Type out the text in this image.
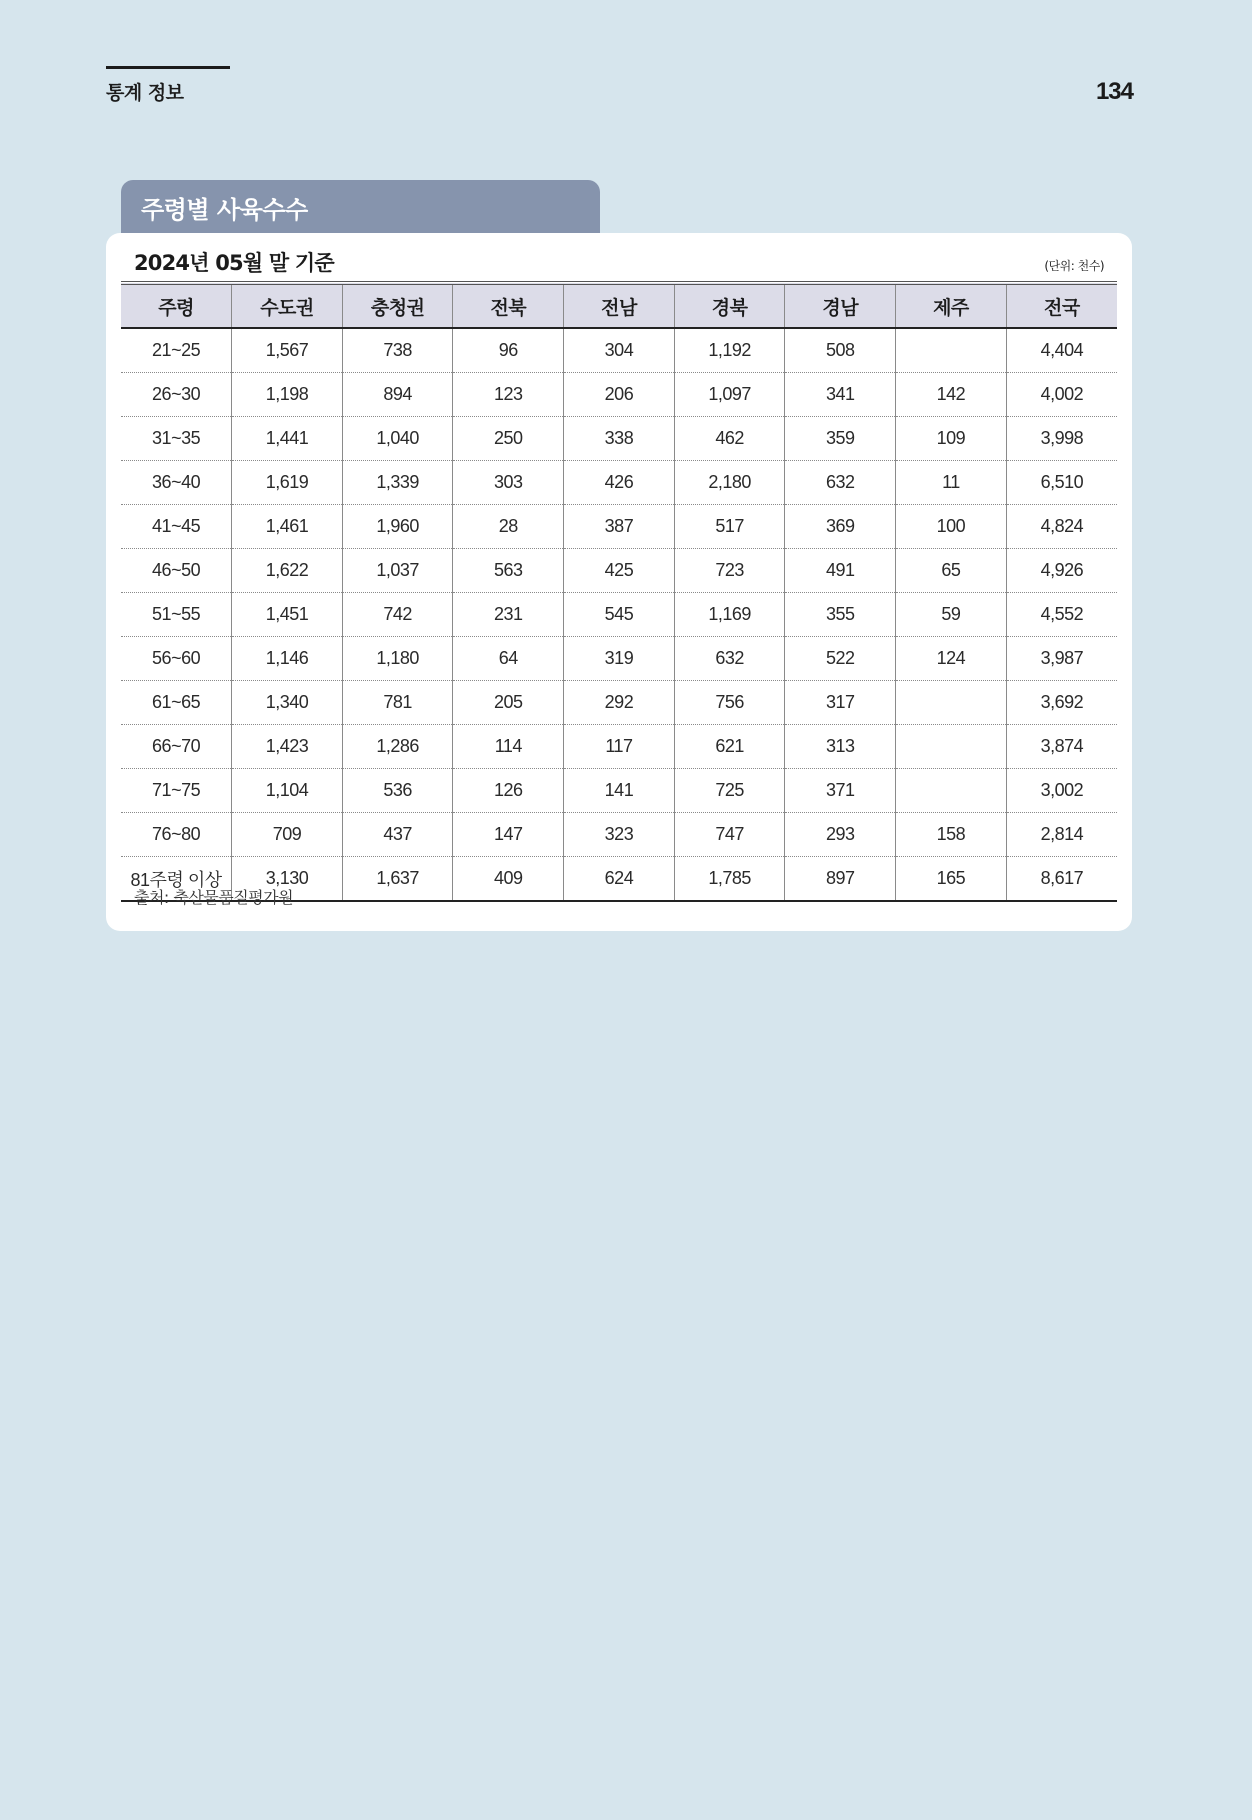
통계 정보	134
주령별 사육수수
2024년 05월 말 기준	(단위: 천수)
주령	수도권	충청권	전북	전남	경북	경남	제주	전국
21~25	1,567	738	96	304	1,192	508		4,404
26~30	1,198	894	123	206	1,097	341	142	4,002
31~35	1,441	1,040	250	338	462	359	109	3,998
36~40	1,619	1,339	303	426	2,180	632	11	6,510
41~45	1,461	1,960	28	387	517	369	100	4,824
46~50	1,622	1,037	563	425	723	491	65	4,926
51~55	1,451	742	231	545	1,169	355	59	4,552
56~60	1,146	1,180	64	319	632	522	124	3,987
61~65	1,340	781	205	292	756	317		3,692
66~70	1,423	1,286	114	117	621	313		3,874
71~75	1,104	536	126	141	725	371		3,002
76~80	709	437	147	323	747	293	158	2,814
81주령 이상	3,130	1,637	409	624	1,785	897	165	8,617
출처: 축산물품질평가원
